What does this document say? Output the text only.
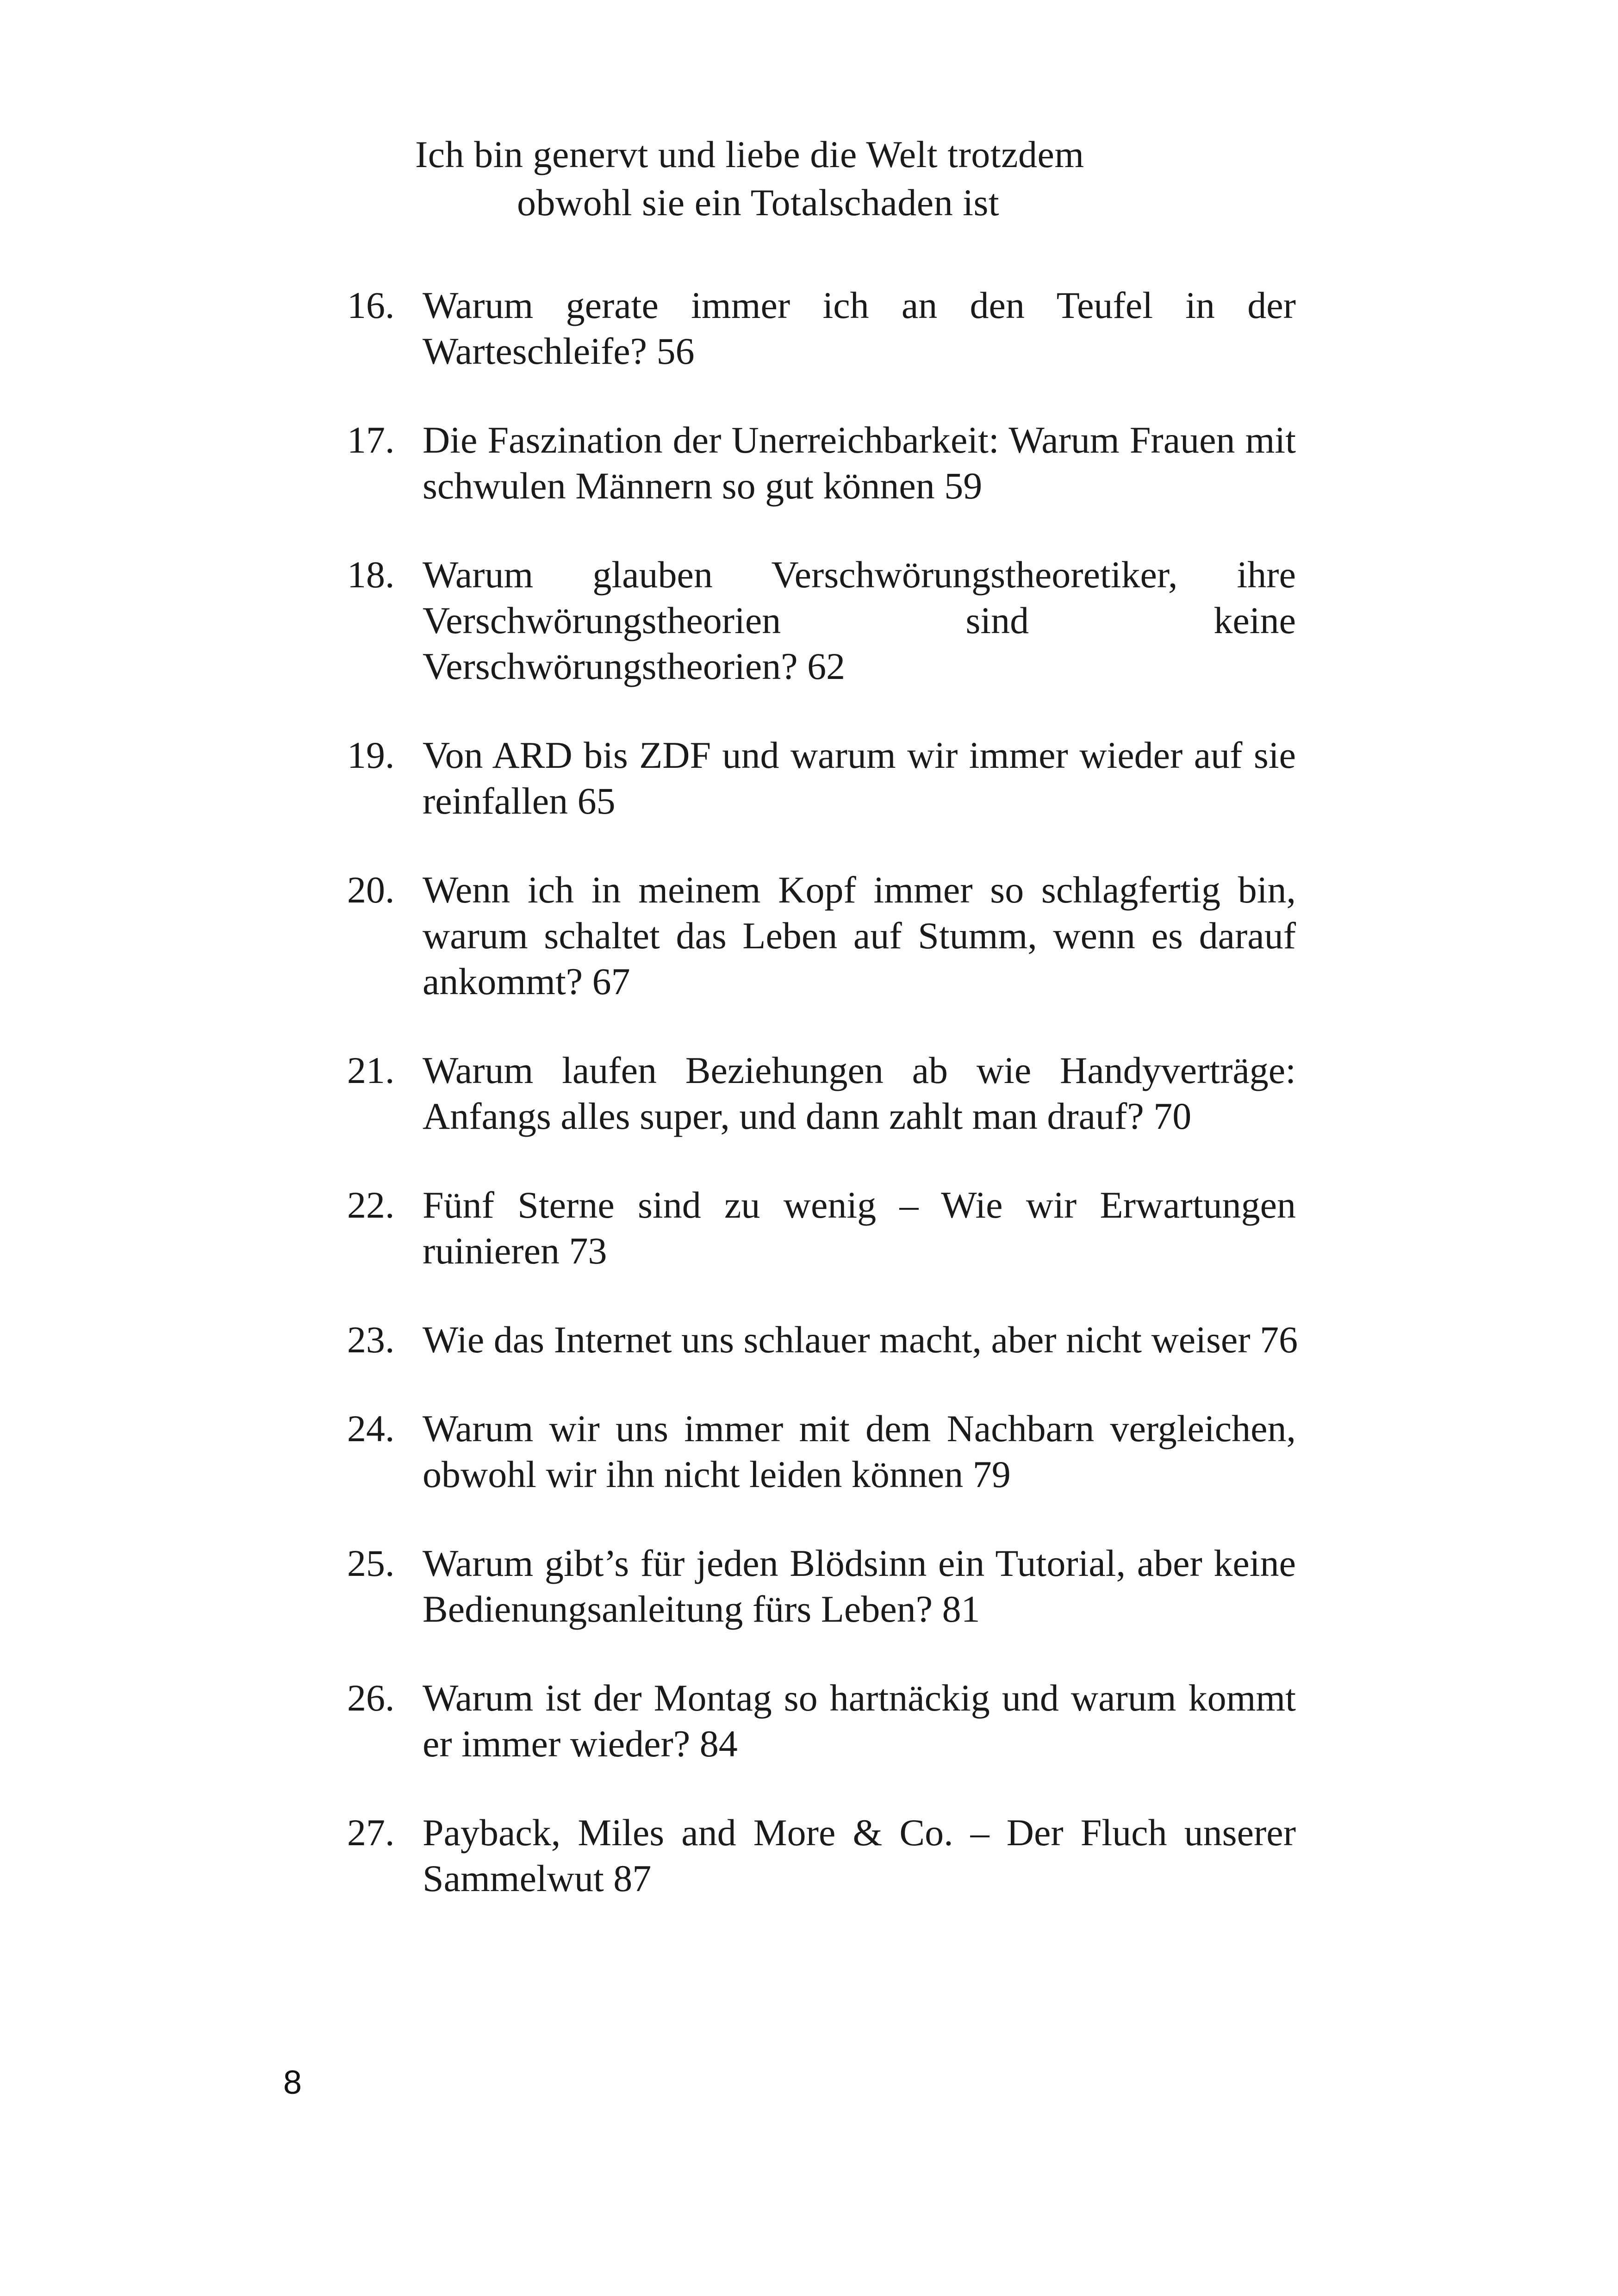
Ich bin genervt und liebe die Welt trotzdem
obwohl sie ein Totalschaden ist
16. Warum gerate immer ich an den Teufel in der Warteschleife? 56
17. Die Faszination der Unerreichbarkeit: Warum Frauen mit schwulen Männern so gut können 59
18. Warum glauben Verschwörungstheoretiker, ihre Verschwörungstheorien sind keine Verschwörungstheorien? 62
19. Von ARD bis ZDF und warum wir immer wieder auf sie reinfallen 65
20. Wenn ich in meinem Kopf immer so schlagfertig bin, warum schaltet das Leben auf Stumm, wenn es darauf ankommt? 67
21. Warum laufen Beziehungen ab wie Handyverträge: Anfangs alles super, und dann zahlt man drauf? 70
22. Fünf Sterne sind zu wenig – Wie wir Erwartungen ruinieren 73
23. Wie das Internet uns schlauer macht, aber nicht weiser 76
24. Warum wir uns immer mit dem Nachbarn vergleichen, obwohl wir ihn nicht leiden können 79
25. Warum gibt’s für jeden Blödsinn ein Tutorial, aber keine Bedienungsanleitung fürs Leben? 81
26. Warum ist der Montag so hartnäckig und warum kommt er immer wieder? 84
27. Payback, Miles and More & Co. – Der Fluch unserer Sammelwut 87
8
